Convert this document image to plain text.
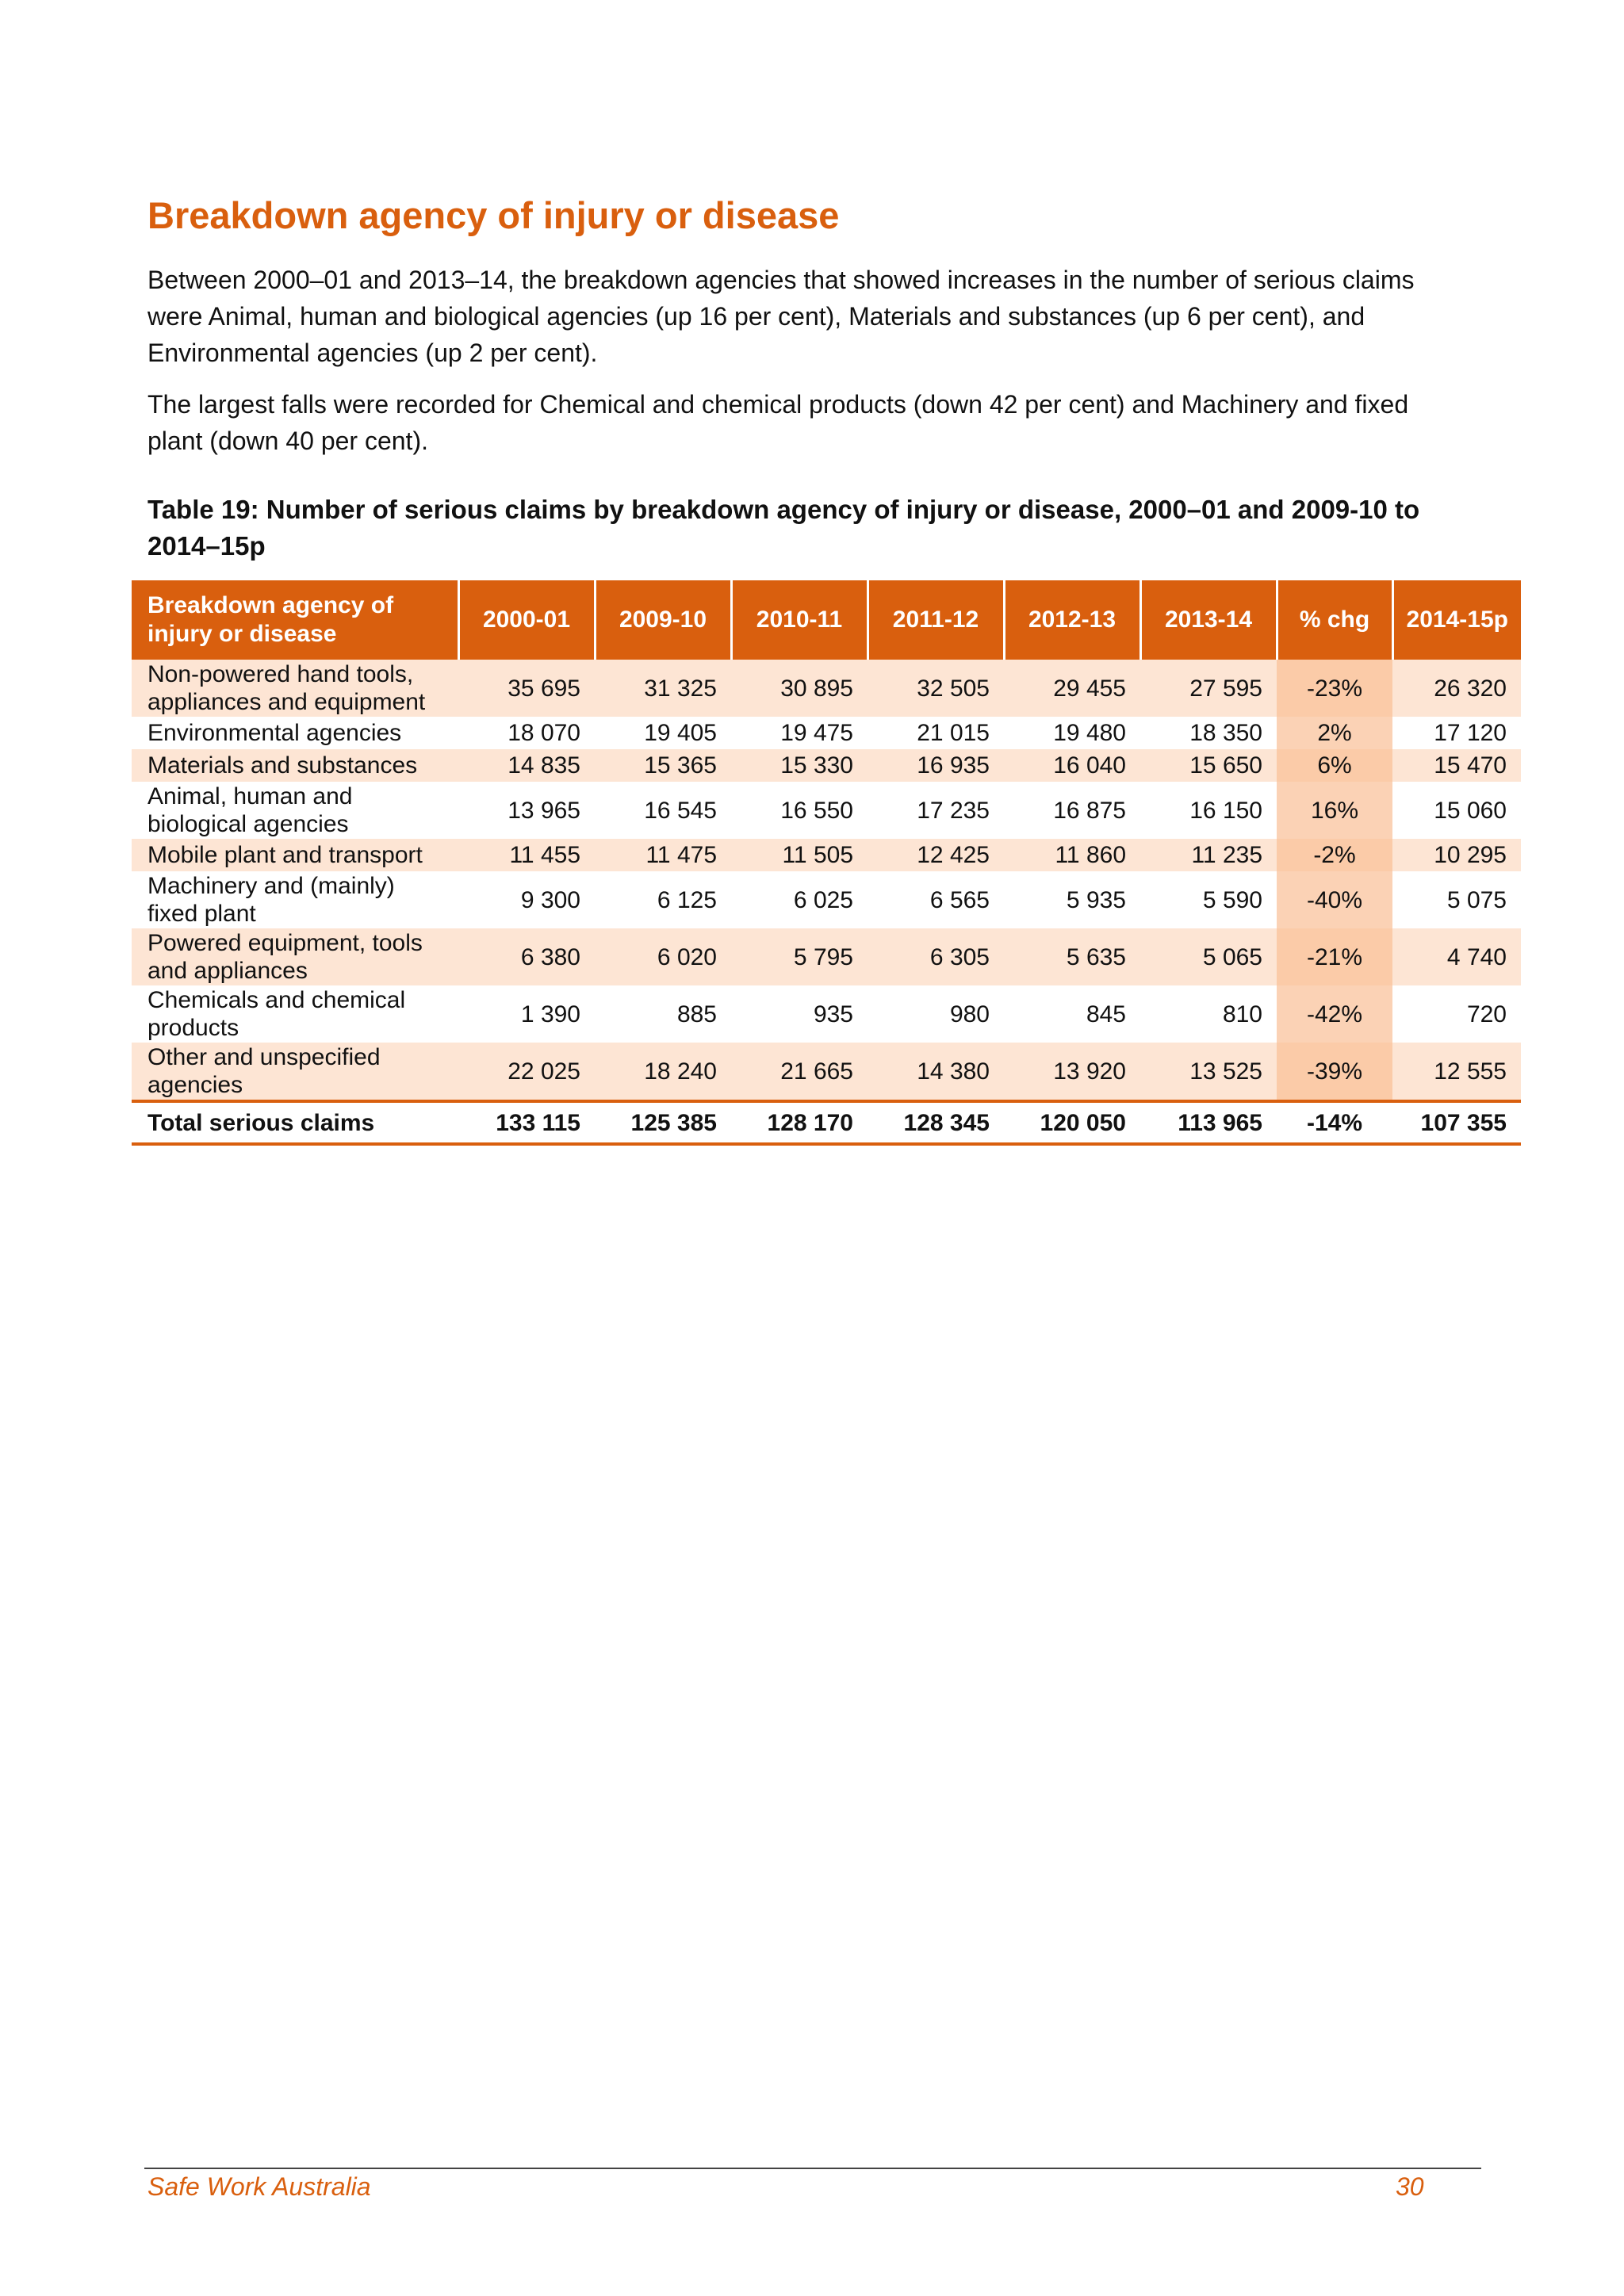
Breakdown agency of injury or disease

Between 2000–01 and 2013–14, the breakdown agencies that showed increases in the number of serious claims were Animal, human and biological agencies (up 16 per cent), Materials and substances (up 6 per cent), and Environmental agencies (up 2 per cent).

The largest falls were recorded for Chemical and chemical products (down 42 per cent) and Machinery and fixed plant (down 40 per cent).

Table 19: Number of serious claims by breakdown agency of injury or disease, 2000–01 and 2009-10 to 2014–15p

Breakdown agency of injury or disease	2000-01	2009-10	2010-11	2011-12	2012-13	2013-14	% chg	2014-15p
Non-powered hand tools, appliances and equipment	35 695	31 325	30 895	32 505	29 455	27 595	-23%	26 320
Environmental agencies	18 070	19 405	19 475	21 015	19 480	18 350	2%	17 120
Materials and substances	14 835	15 365	15 330	16 935	16 040	15 650	6%	15 470
Animal, human and biological agencies	13 965	16 545	16 550	17 235	16 875	16 150	16%	15 060
Mobile plant and transport	11 455	11 475	11 505	12 425	11 860	11 235	-2%	10 295
Machinery and (mainly) fixed plant	9 300	6 125	6 025	6 565	5 935	5 590	-40%	5 075
Powered equipment, tools and appliances	6 380	6 020	5 795	6 305	5 635	5 065	-21%	4 740
Chemicals and chemical products	1 390	885	935	980	845	810	-42%	720
Other and unspecified agencies	22 025	18 240	21 665	14 380	13 920	13 525	-39%	12 555
Total serious claims	133 115	125 385	128 170	128 345	120 050	113 965	-14%	107 355
Safe Work Australia	30
